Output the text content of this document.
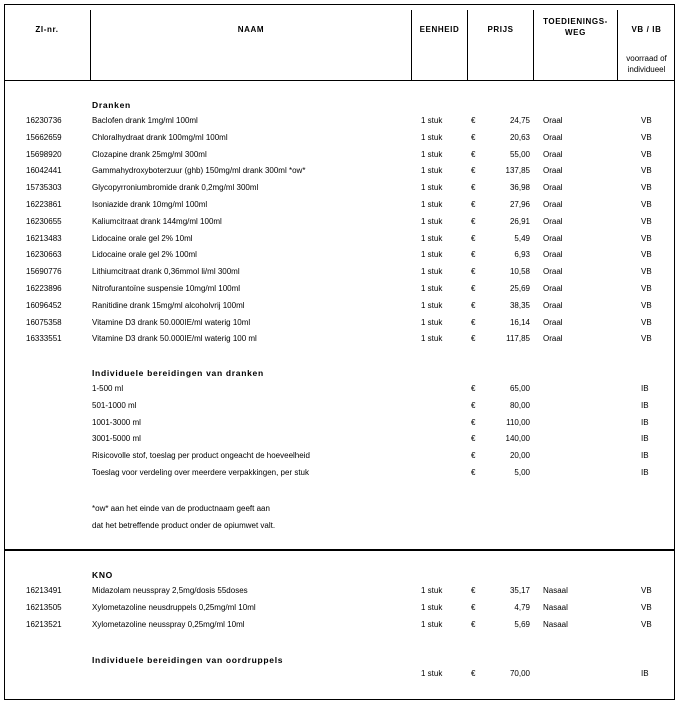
ZI-nr.	NAAM	EENHEID	PRIJS
TOEDIENINGS-
WEG	VB / IB
voorraad of
individueel
Dranken
16230736	Baclofen drank 1mg/ml 100ml	1 stuk	€	24,75 Oraal	VB
15662659	Chloralhydraat drank 100mg/ml 100ml	1 stuk	€	20,63 Oraal	VB
15698920	Clozapine drank 25mg/ml 300ml	1 stuk	€	55,00 Oraal	VB
16042441	Gammahydroxyboterzuur (ghb) 150mg/ml drank 300ml *ow*	1 stuk	€	137,85 Oraal	VB
15735303	Glycopyrroniumbromide drank 0,2mg/ml 300ml	1 stuk	€	36,98 Oraal	VB
16223861	Isoniazide drank 10mg/ml 100ml	1 stuk	€	27,96 Oraal	VB
16230655	Kaliumcitraat drank 144mg/ml 100ml	1 stuk	€	26,91 Oraal	VB
16213483	Lidocaine orale gel 2% 10ml	1 stuk	€	5,49 Oraal	VB
16230663	Lidocaine orale gel 2% 100ml	1 stuk	€	6,93 Oraal	VB
15690776	Lithiumcitraat drank 0,36mmol li/ml 300ml	1 stuk	€	10,58 Oraal	VB
16223896	Nitrofurantoïne suspensie 10mg/ml 100ml	1 stuk	€	25,69 Oraal	VB
16096452	Ranitidine drank 15mg/ml alcoholvrij 100ml	1 stuk	€	38,35 Oraal	VB
16075358	Vitamine D3 drank 50.000IE/ml waterig 10ml	1 stuk	€	16,14 Oraal	VB
16333551	Vitamine D3 drank 50.000IE/ml waterig 100 ml	1 stuk	€	117,85 Oraal	VB
Individuele bereidingen van dranken
1-500 ml	€	65,00	IB
501-1000 ml	€	80,00	IB
1001-3000 ml	€	110,00	IB
3001-5000 ml	€	140,00	IB
Risicovolle stof, toeslag per product ongeacht de hoeveelheid	€	20,00	IB
Toeslag voor verdeling over meerdere verpakkingen, per stuk	€	5,00	IB
*ow* aan het einde van de productnaam geeft aan
dat het betreffende product onder de opiumwet valt.
KNO
16213491	Midazolam neusspray 2,5mg/dosis 55doses	1 stuk	€	35,17 Nasaal	VB
16213505	Xylometazoline neusdruppels 0,25mg/ml 10ml	1 stuk	€	4,79 Nasaal	VB
16213521	Xylometazoline neusspray 0,25mg/ml 10ml	1 stuk	€	5,69 Nasaal	VB
Individuele bereidingen van oordruppels
1 stuk	€	70,00	IB
